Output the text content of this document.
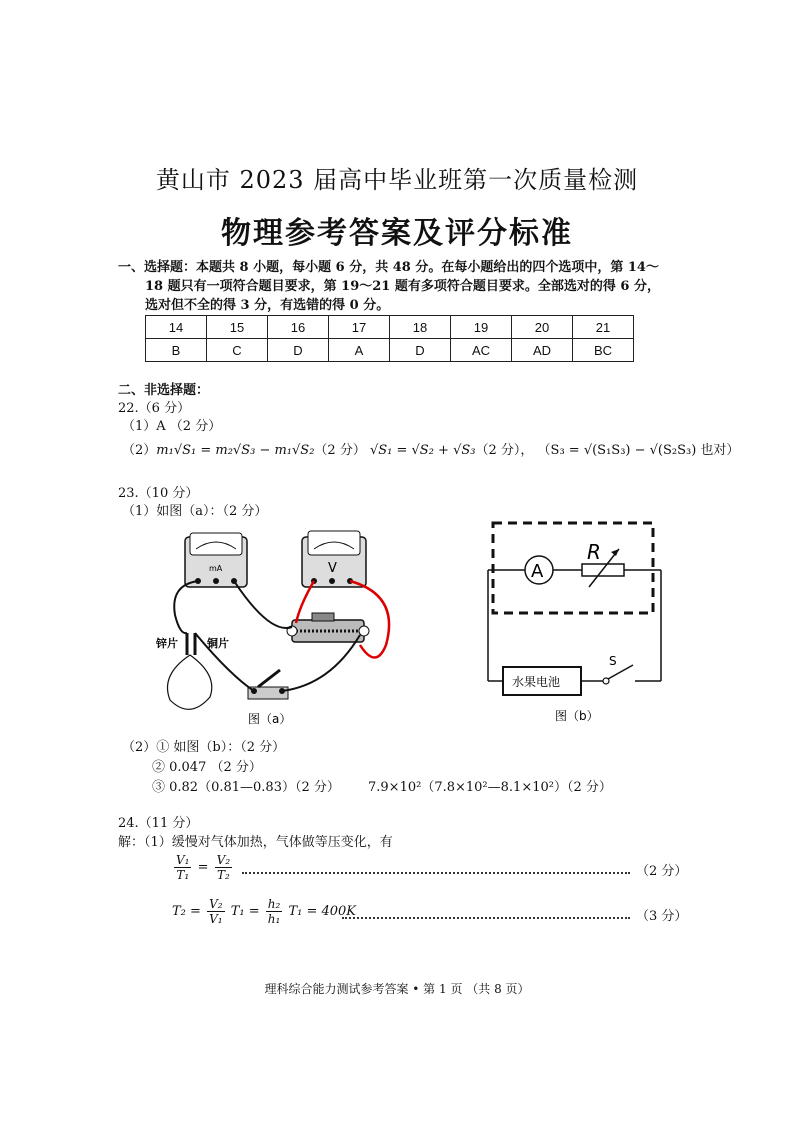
黄山市 2023 届高中毕业班第一次质量检测
物理参考答案及评分标准
一、选择题：本题共 8 小题，每小题 6 分，共 48 分。在每小题给出的四个选项中，第 14～
18 题只有一项符合题目要求，第 19～21 题有多项符合题目要求。全部选对的得 6 分，
选对但不全的得 3 分，有选错的得 0 分。
14	15	16	17	18	19	20	21
B	C	D	A	D	AC	AD	BC
二、非选择题：
22.（6 分）
（1）A （2 分）
（2）m₁√S₁ = m₂√S₃ − m₁√S₂（2 分） √S₁ = √S₂ + √S₃（2 分）， （S₃ = √(S₁S₃) − √(S₂S₃) 也对）
23.（10 分）
（1）如图（a）：（2 分）
mA	V
锌片	铜片
图（a）
A
R
水果电池
S
图（b）
（2）① 如图（b）：（2 分）
② 0.047 （2 分）
③ 0.82（0.81—0.83）（2 分） 7.9×10²（7.8×10²—8.1×10²）（2 分）
24.（11 分）
解：（1）缓慢对气体加热，气体做等压变化，有
$\frac{\text{V₁}}{\text{T₁}} = \frac{\text{V₂}}{\text{T₂}}$	（2 分）
$T_2 = \frac{\text{V₂}}{\text{V₁}} T_1 = \frac{\text{h₂}}{\text{h₁}} T_1 = 400K$	（3 分）
理科综合能力测试参考答案 • 第 1 页 （共 8 页）
